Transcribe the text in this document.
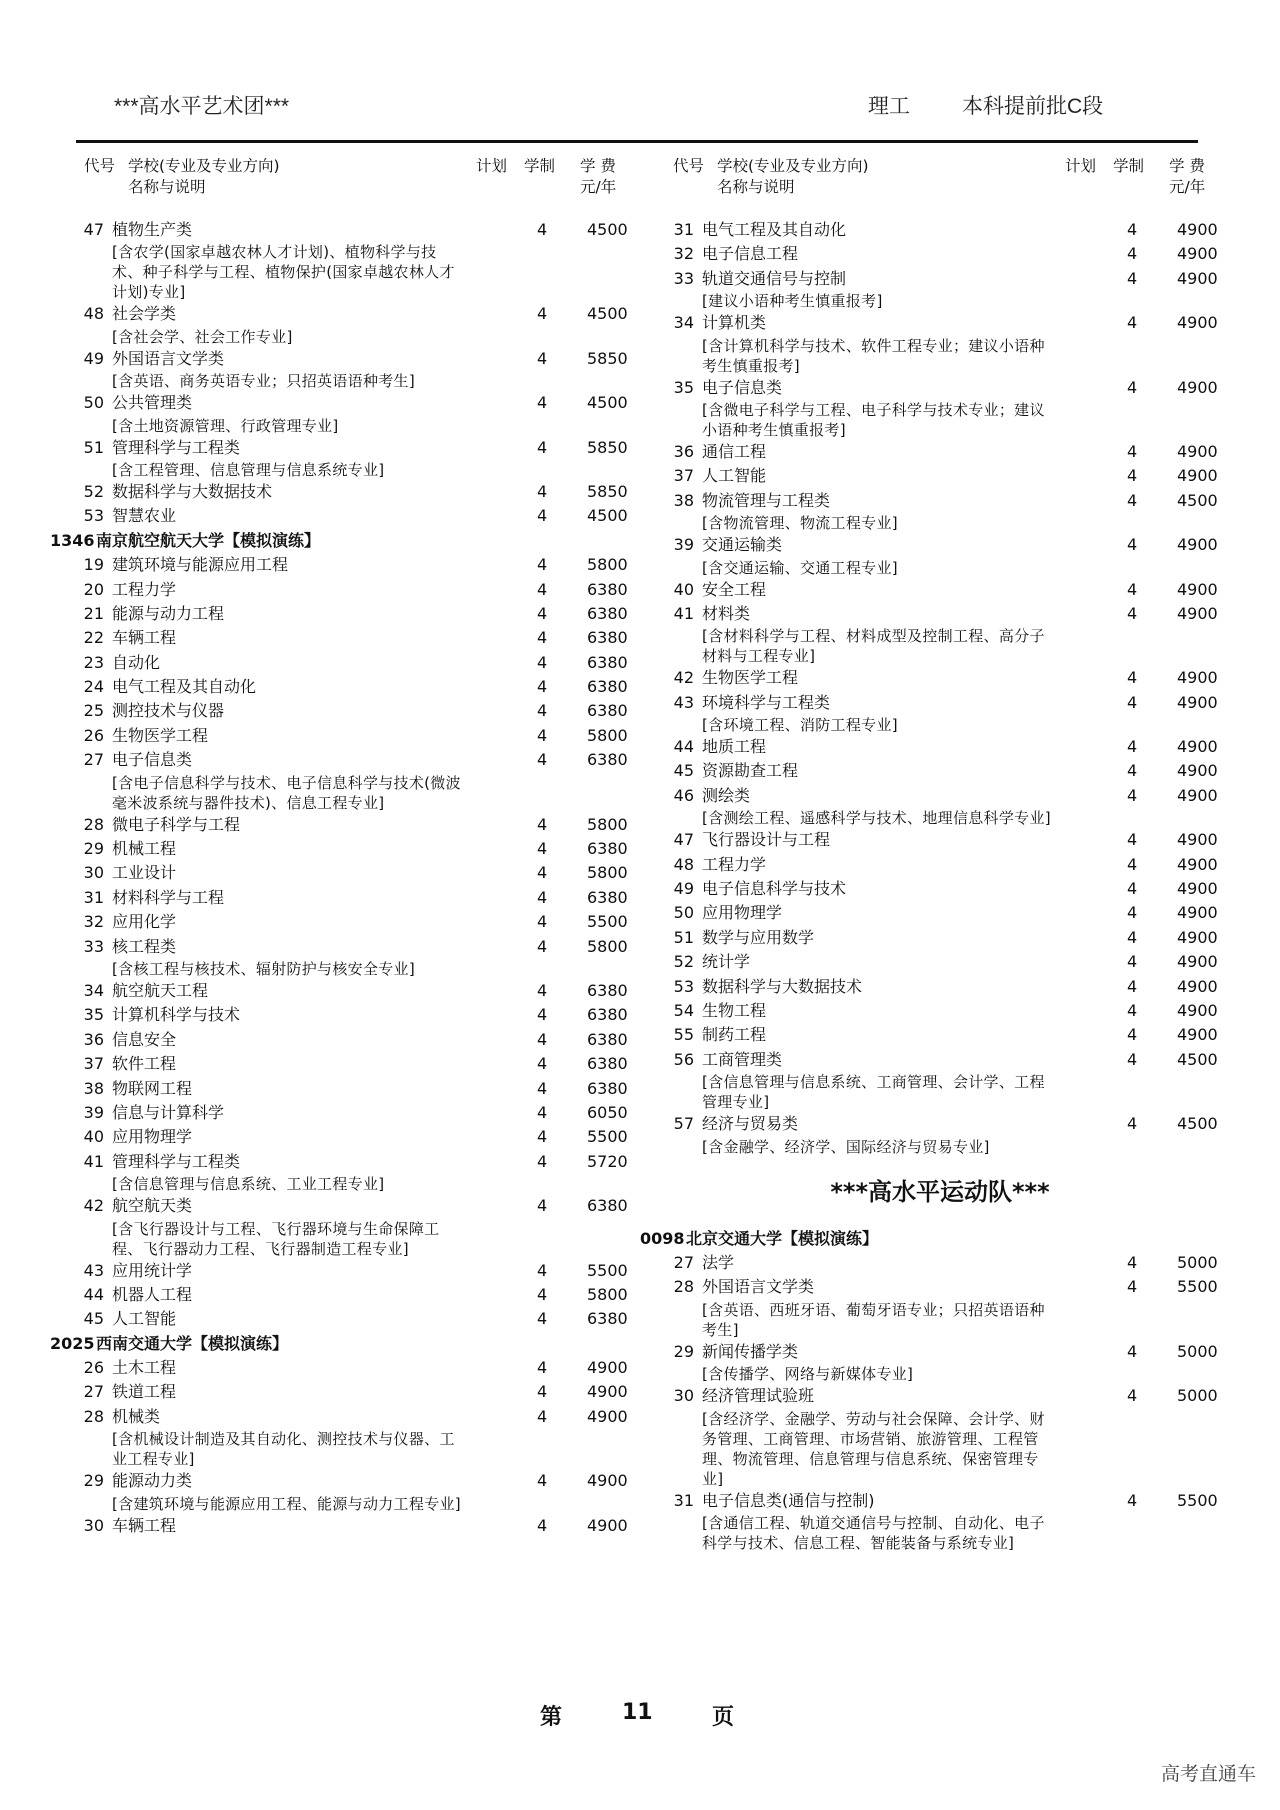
***高水平艺术团***	理工 本科提前批C段
代号 学校(专业及专业方向)
名称与说明
计划 学制 学 费
元/年
代号 学校(专业及专业方向)
名称与说明
计划 学制 学 费
元/年
47 植物生产类	4 4500
[含农学(国家卓越农林人才计划)、植物科学与技术、种子科学与工程、植物保护(国家卓越农林人才计划)专业]
48 社会学类	4 4500
[含社会学、社会工作专业]
49 外国语言文学类	4 5850
[含英语、商务英语专业；只招英语语种考生]
50 公共管理类	4 4500
[含土地资源管理、行政管理专业]
51 管理科学与工程类	4 5850
[含工程管理、信息管理与信息系统专业]
52 数据科学与大数据技术	4 5850
53 智慧农业	4 4500
1346 南京航空航天大学【模拟演练】
19 建筑环境与能源应用工程	4 5800
20 工程力学	4 6380
21 能源与动力工程	4 6380
22 车辆工程	4 6380
23 自动化	4 6380
24 电气工程及其自动化	4 6380
25 测控技术与仪器	4 6380
26 生物医学工程	4 5800
27 电子信息类	4 6380
[含电子信息科学与技术、电子信息科学与技术(微波毫米波系统与器件技术)、信息工程专业]
28 微电子科学与工程	4 5800
29 机械工程	4 6380
30 工业设计	4 5800
31 材料科学与工程	4 6380
32 应用化学	4 5500
33 核工程类	4 5800
[含核工程与核技术、辐射防护与核安全专业]
34 航空航天工程	4 6380
35 计算机科学与技术	4 6380
36 信息安全	4 6380
37 软件工程	4 6380
38 物联网工程	4 6380
39 信息与计算科学	4 6050
40 应用物理学	4 5500
41 管理科学与工程类	4 5720
[含信息管理与信息系统、工业工程专业]
42 航空航天类	4 6380
[含飞行器设计与工程、飞行器环境与生命保障工程、飞行器动力工程、飞行器制造工程专业]
43 应用统计学	4 5500
44 机器人工程	4 5800
45 人工智能	4 6380
2025 西南交通大学【模拟演练】
26 土木工程	4 4900
27 铁道工程	4 4900
28 机械类	4 4900
[含机械设计制造及其自动化、测控技术与仪器、工业工程专业]
29 能源动力类	4 4900
[含建筑环境与能源应用工程、能源与动力工程专业]
30 车辆工程	4 4900
31 电气工程及其自动化	4 4900
32 电子信息工程	4 4900
33 轨道交通信号与控制	4 4900
[建议小语种考生慎重报考]
34 计算机类	4 4900
[含计算机科学与技术、软件工程专业；建议小语种考生慎重报考]
35 电子信息类	4 4900
[含微电子科学与工程、电子科学与技术专业；建议小语种考生慎重报考]
36 通信工程	4 4900
37 人工智能	4 4900
38 物流管理与工程类	4 4500
[含物流管理、物流工程专业]
39 交通运输类	4 4900
[含交通运输、交通工程专业]
40 安全工程	4 4900
41 材料类	4 4900
[含材料科学与工程、材料成型及控制工程、高分子材料与工程专业]
42 生物医学工程	4 4900
43 环境科学与工程类	4 4900
[含环境工程、消防工程专业]
44 地质工程	4 4900
45 资源勘查工程	4 4900
46 测绘类	4 4900
[含测绘工程、遥感科学与技术、地理信息科学专业]
47 飞行器设计与工程	4 4900
48 工程力学	4 4900
49 电子信息科学与技术	4 4900
50 应用物理学	4 4900
51 数学与应用数学	4 4900
52 统计学	4 4900
53 数据科学与大数据技术	4 4900
54 生物工程	4 4900
55 制药工程	4 4900
56 工商管理类	4 4500
[含信息管理与信息系统、工商管理、会计学、工程管理专业]
57 经济与贸易类	4 4500
[含金融学、经济学、国际经济与贸易专业]
***高水平运动队***
0098 北京交通大学【模拟演练】
27 法学	4 5000
28 外国语言文学类	4 5500
[含英语、西班牙语、葡萄牙语专业；只招英语语种考生]
29 新闻传播学类	4 5000
[含传播学、网络与新媒体专业]
30 经济管理试验班	4 5000
[含经济学、金融学、劳动与社会保障、会计学、财务管理、工商管理、市场营销、旅游管理、工程管理、物流管理、信息管理与信息系统、保密管理专业]
31 电子信息类(通信与控制)	4 5500
[含通信工程、轨道交通信号与控制、自动化、电子科学与技术、信息工程、智能装备与系统专业]
第	11	页
高考直通车
